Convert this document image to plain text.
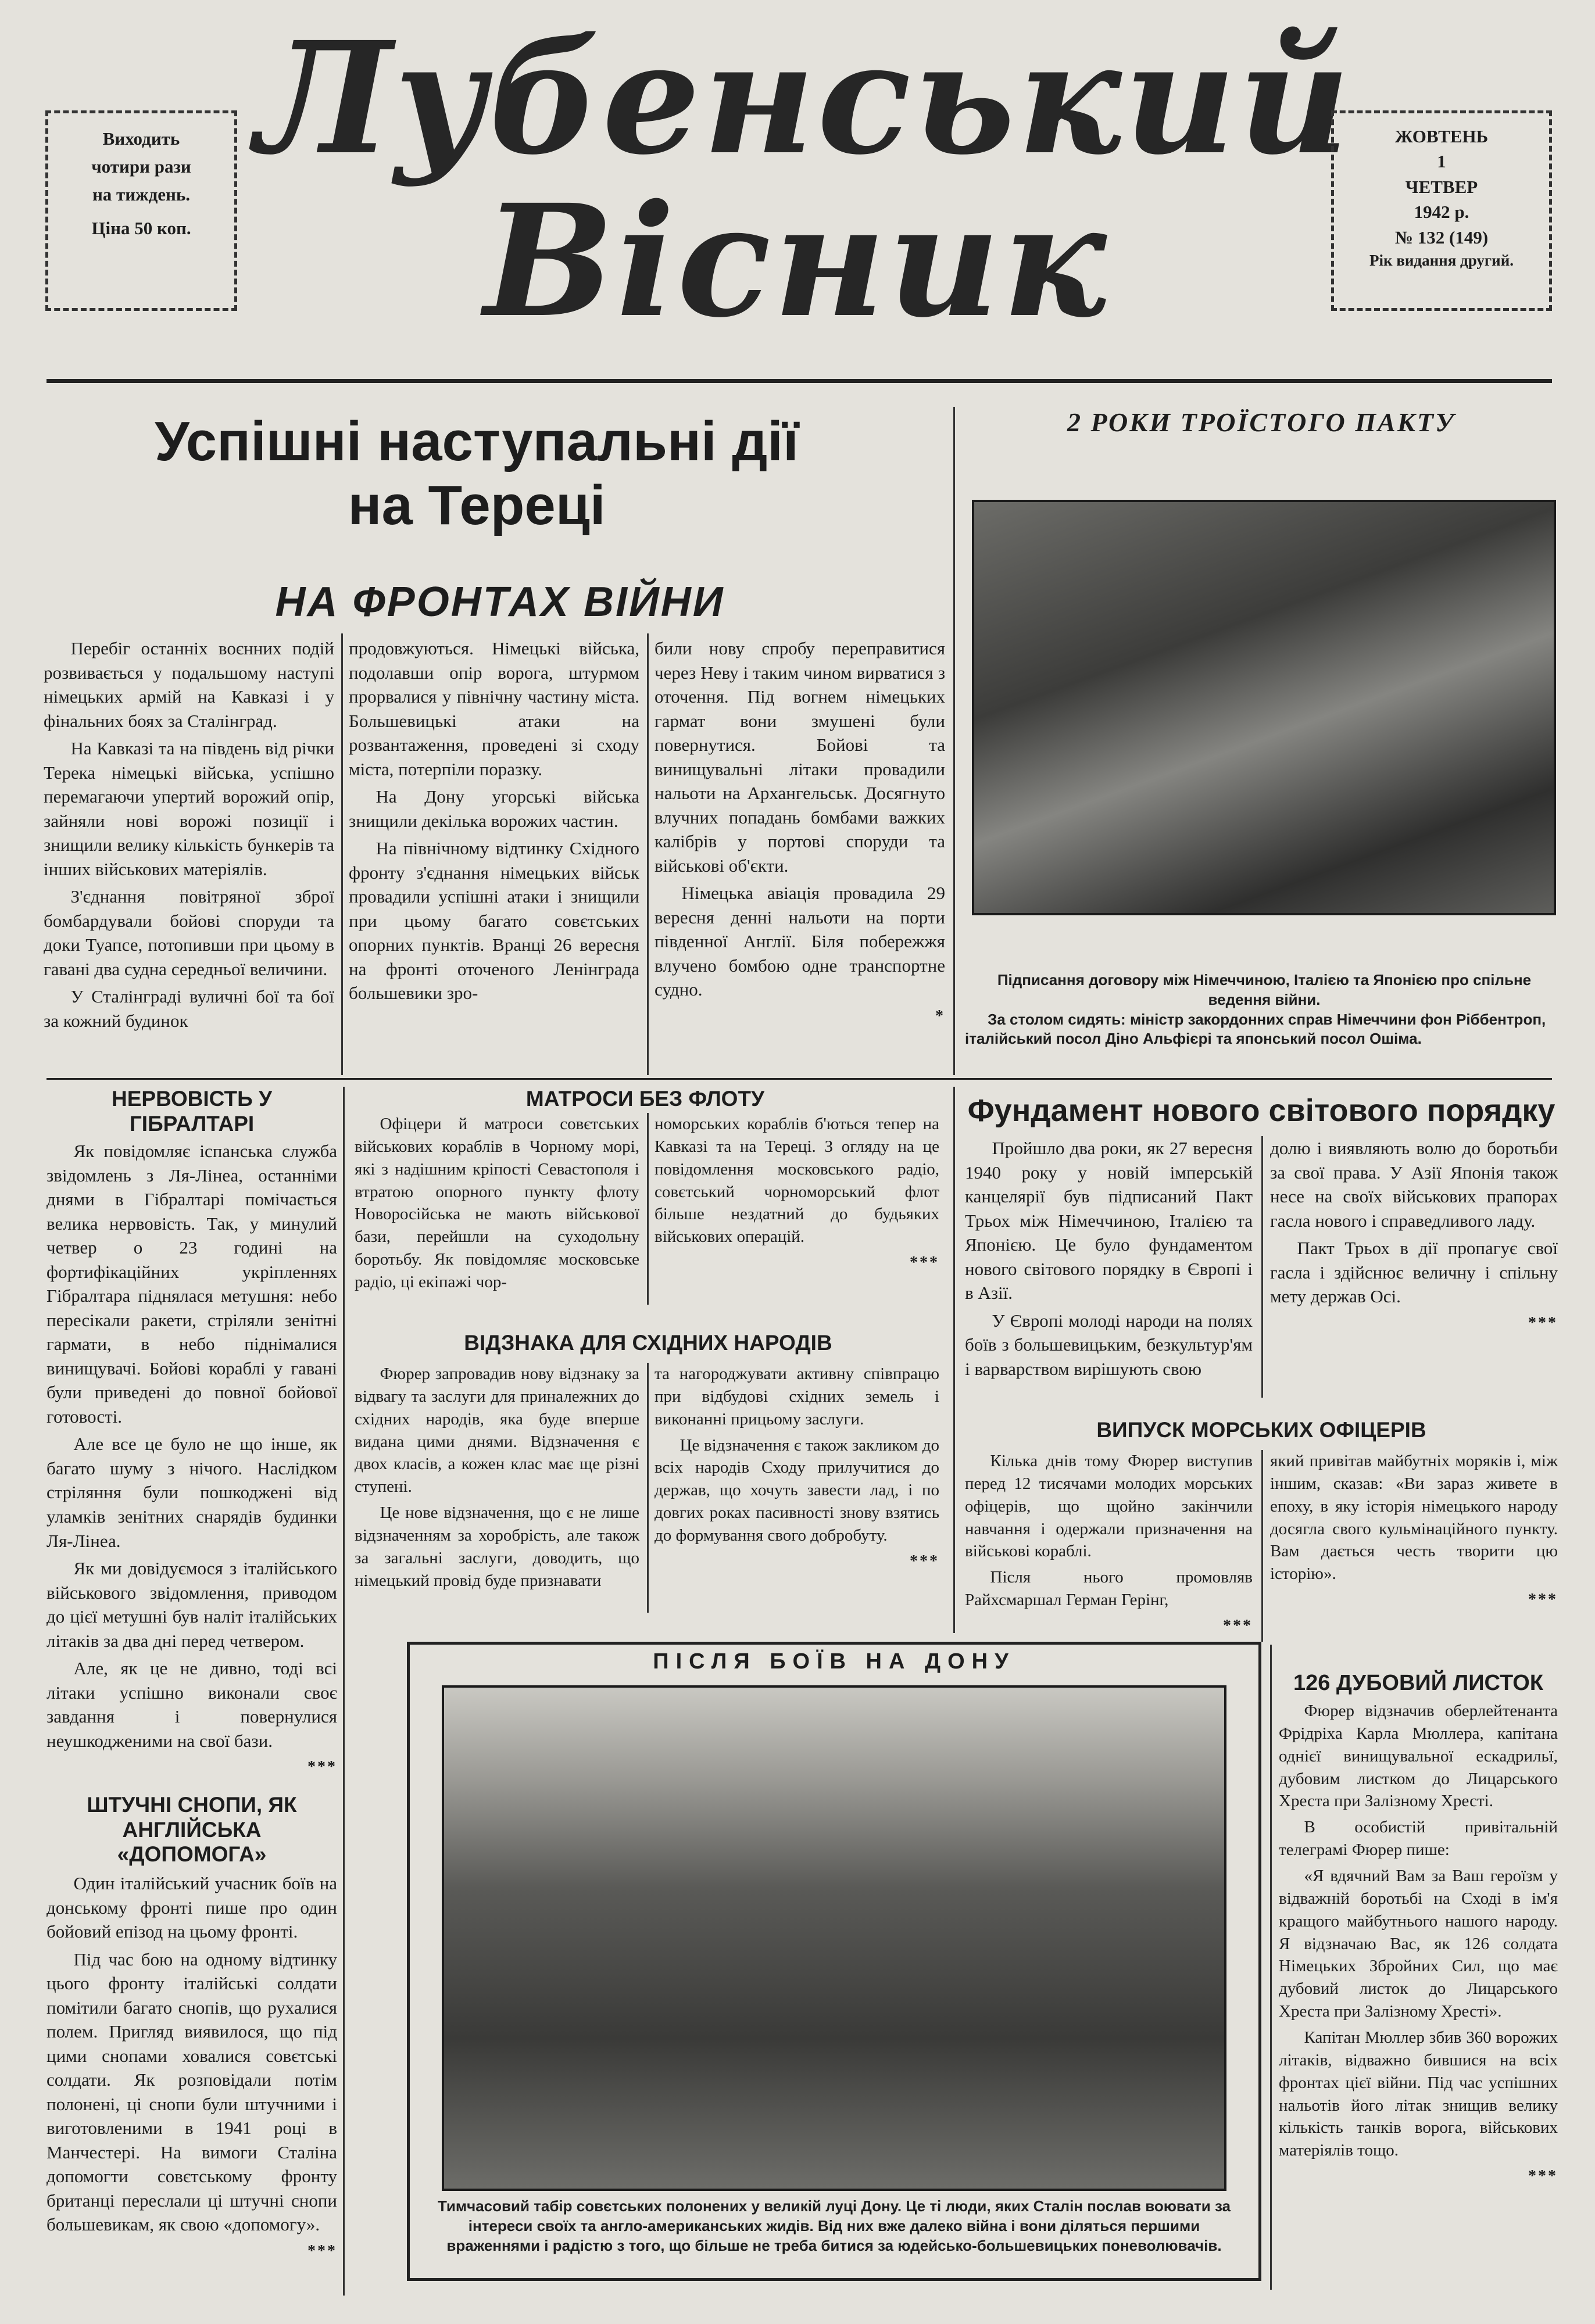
Виходить
чотири рази
на тиждень.
Ціна 50 коп.
Лубенський
Вісник
ЖОВТЕНЬ
1
ЧЕТВЕР
1942 р.
№ 132 (149)
Рік видання другий.
Успішні наступальні дії
на Тереці
НА ФРОНТАХ ВІЙНИ

Перебіг останніх воєнних подій розвивається у подальшому наступі німецьких армій на Кавказі і у фінальних боях за Сталінград.

На Кавказі та на південь від річки Терека німецькі війська, успішно перемагаючи упертий ворожий опір, зайняли нові ворожі позиції і знищили велику кількість бункерів та інших військових матеріялів.

З'єднання повітряної зброї бомбардували бойові споруди та доки Туапсе, потопивши при цьому в гавані два судна середньої величини.

У Сталінграді вуличні бої та бої за кожний будинок

продовжуються. Німецькі війська, подолавши опір ворога, штурмом прорвалися у північну частину міста. Большевицькі атаки на розвантаження, проведені зі сходу міста, потерпіли поразку.

На Дону угорські війська знищили декілька ворожих частин.

На північному відтинку Східного фронту з'єднання німецьких військ провадили успішні атаки і знищили при цьому багато совєтських опорних пунктів. Вранці 26 вересня на фронті оточеного Ленінграда большевики зро-

били нову спробу переправитися через Неву і таким чином вирватися з оточення. Під вогнем німецьких гармат вони змушені були повернутися. Бойові та винищувальні літаки провадили нальоти на Архангельськ. Досягнуто влучних попадань бомбами важких калібрів у портові споруди та військові об'єкти.

Німецька авіація провадила 29 вересня денні нальоти на порти південної Англії. Біля побережжя влучено бомбою одне транспортне судно.

*
2 РОКИ ТРОЇСТОГО ПАКТУ
Підписання договору між Німеччиною, Італією та Японією про спільне ведення війни.
За столом сидять: міністр закордонних справ Німеччини фон Ріббентроп, італійський посол Діно Альфієрі та японський посол Ошіма.
НЕРВОВІСТЬ У ГІБРАЛТАРІ

Як повідомляє іспанська служба звідомлень з Ля-Лінеа, останніми днями в Гібралтарі помічається велика нервовість. Так, у минулий четвер о 23 годині на фортифікаційних укріпленнях Гібралтара піднялася метушня: небо пересікали ракети, стріляли зенітні гармати, в небо піднімалися винищувачі. Бойові кораблі у гавані були приведені до повної бойової готовості.

Але все це було не що інше, як багато шуму з нічого. Наслідком стріляння були пошкоджені від уламків зенітних снарядів будинки Ля-Лінеа.

Як ми довідуємося з італійського військового звідомлення, приводом до цієї метушні був наліт італійських літаків за два дні перед четвером.

Але, як це не дивно, тоді всі літаки успішно виконали своє завдання і повернулися неушкодженими на свої бази.

***
ШТУЧНІ СНОПИ, ЯК АНГЛІЙСЬКА «ДОПОМОГА»

Один італійський учасник боїв на донському фронті пише про один бойовий епізод на цьому фронті.

Під час бою на одному відтинку цього фронту італійські солдати помітили багато снопів, що рухалися полем. Пригляд виявилося, що під цими снопами ховалися совєтські солдати. Як розповідали потім полонені, ці снопи були штучними і виготовленими в 1941 році в Манчестері. На вимоги Сталіна допомогти совєтському фронту британці переслали ці штучні снопи большевикам, як свою «допомогу».

***
МАТРОСИ БЕЗ ФЛОТУ

Офіцери й матроси совєтських військових кораблів в Чорному морі, які з надішним кріпості Севастополя і втратою опорного пункту флоту Новоросійська не мають військової бази, перейшли на суходольну боротьбу. Як повідомляє московське радіо, ці екіпажі чор-

номорських кораблів б'ються тепер на Кавказі та на Тереці. З огляду на це повідомлення московського радіо, совєтський чорноморський флот більше нездатний до будьяких військових операцій.

***
ВІДЗНАКА ДЛЯ СХІДНИХ НАРОДІВ

Фюрер запровадив нову відзнаку за відвагу та заслуги для приналежних до східних народів, яка буде вперше видана цими днями. Відзначення є двох класів, а кожен клас має ще різні ступені.

Це нове відзначення, що є не лише відзначенням за хоробрість, але також за загальні заслуги, доводить, що німецький провід буде признавати

та нагороджувати активну співпрацю при відбудові східних земель і виконанні прицьому заслуги.

Це відзначення є також закликом до всіх народів Сходу прилучитися до держав, що хочуть завести лад, і по довгих роках пасивності знову взятись до формування свого добробуту.

***
Фундамент нового світового порядку

Пройшло два роки, як 27 вересня 1940 року у новій імперській канцелярії був підписаний Пакт Трьох між Німеччиною, Італією та Японією. Це було фундаментом нового світового порядку в Європі і в Азії.

У Європі молоді народи на полях боїв з большевицьким, безкультур'ям і варварством вирішують свою

долю і виявляють волю до боротьби за свої права. У Азії Японія також несе на своїх військових прапорах гасла нового і справедливого ладу.

Пакт Трьох в дії пропагує свої гасла і здійснює величну і спільну мету держав Осі.

***
ВИПУСК МОРСЬКИХ ОФІЦЕРІВ

Кілька днів тому Фюрер виступив перед 12 тисячами молодих морських офіцерів, що щойно закінчили навчання і одержали призначення на військові кораблі.

Після нього промовляв Райхсмаршал Герман Герінг,

***

який привітав майбутніх моряків і, між іншим, сказав: «Ви зараз живете в епоху, в яку історія німецького народу досягла свого кульмінаційного пункту. Вам дається честь творити цю історію».

***
ПІСЛЯ БОЇВ НА ДОНУ
Тимчасовий табір совєтських полонених у великій луці Дону. Це ті люди, яких Сталін послав воювати за інтереси своїх та англо-американських жидів. Від них вже далеко війна і вони діляться першими враженнями і радістю з того, що більше не треба битися за юдейсько-большевицьких поневолювачів.
126 ДУБОВИЙ ЛИСТОК

Фюрер відзначив оберлейтенанта Фрідріха Карла Мюллера, капітана однієї винищувальної ескадрильї, дубовим листком до Лицарського Хреста при Залізному Хресті.

В особистій привітальній телеграмі Фюрер пише:

«Я вдячний Вам за Ваш героїзм у відважній боротьбі на Сході в ім'я кращого майбутнього нашого народу. Я відзначаю Вас, як 126 солдата Німецьких Збройних Сил, що має дубовий листок до Лицарського Хреста при Залізному Хресті».

Капітан Мюллер збив 360 ворожих літаків, відважно бившися на всіх фронтах цієї війни. Під час успішних нальотів його літак знищив велику кількість танків ворога, військових матеріялів тощо.

***
